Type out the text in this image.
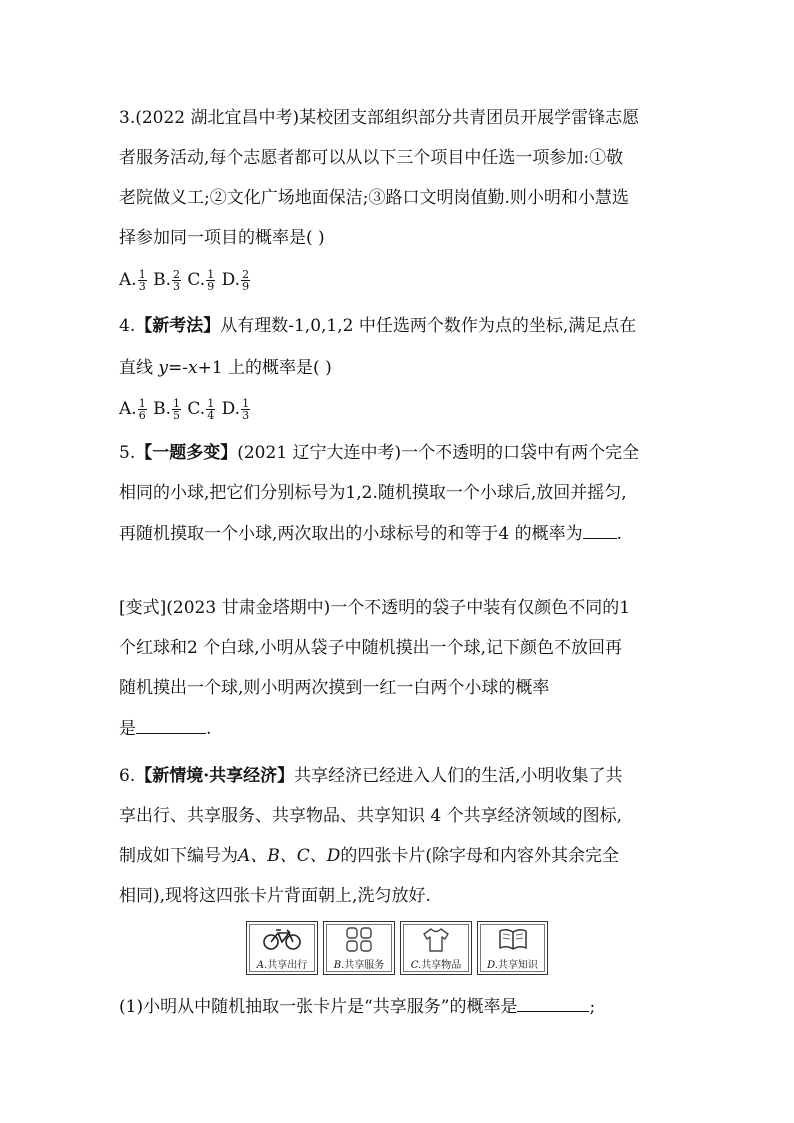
3.(2022 湖北宜昌中考)某校团支部组织部分共青团员开展学雷锋志愿
者服务活动,每个志愿者都可以从以下三个项目中任选一项参加:①敬
老院做义工;②文化广场地面保洁;③路口文明岗值勤.则小明和小慧选
择参加同一项目的概率是( )
A. $\frac{1}{3} B$. $\frac{2}{3} C$. $\frac{1}{9} D$. $\frac{2}{9}$
4.【新考法】从有理数-1,0,1,2 中任选两个数作为点的坐标,满足点在
直线 y=-x+1 上的概率是( )
A. $\frac{1}{6} B$. $\frac{1}{5} C$. $\frac{1}{4} D$. $\frac{1}{3}$
5.【一题多变】(2021 辽宁大连中考)一个不透明的口袋中有两个完全
相同的小球,把它们分别标号为1,2.随机摸取一个小球后,放回并摇匀,
再随机摸取一个小球,两次取出的小球标号的和等于4 的概率为 .
[变式](2023 甘肃金塔期中)一个不透明的袋子中装有仅颜色不同的1
个红球和2 个白球,小明从袋子中随机摸出一个球,记下颜色不放回再
随机摸出一个球,则小明两次摸到一红一白两个小球的概率
是	.
6.【新情境·共享经济】共享经济已经进入人们的生活,小明收集了共
享出行、共享服务、共享物品、共享知识 4 个共享经济领域的图标,
制成如下编号为A、B、C、D的四张卡片(除字母和内容外其余完全
相同),现将这四张卡片背面朝上,洗匀放好.
A.共享出行	B.共享服务	C.共享物品	D.共享知识
(1)小明从中随机抽取一张卡片是“共享服务”的概率是	;
